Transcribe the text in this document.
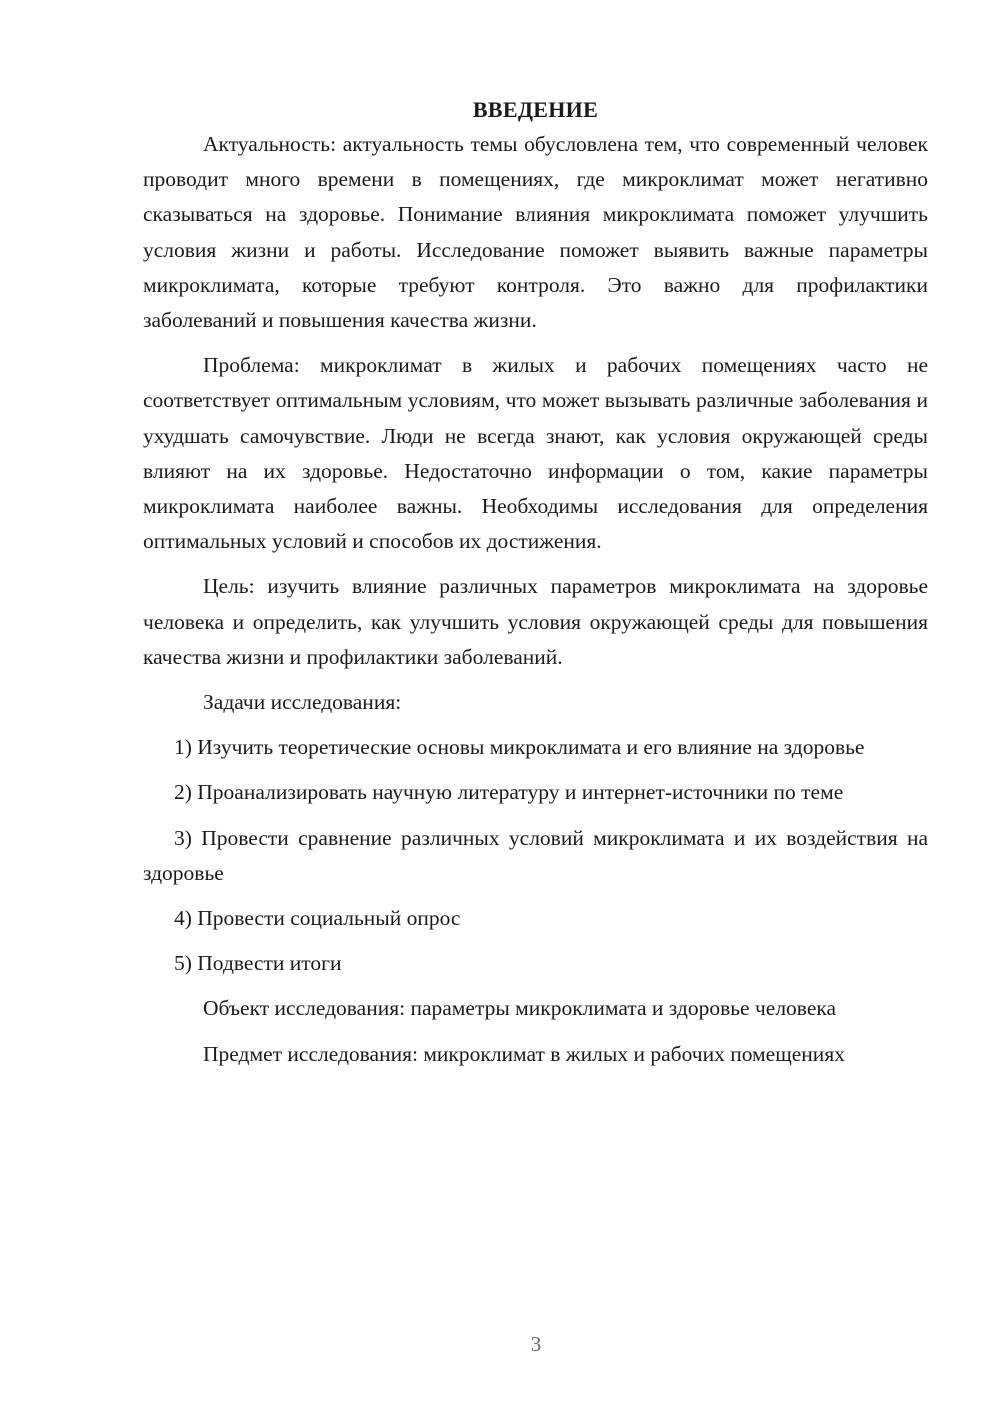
ВВЕДЕНИЕ

Актуальность: актуальность темы обусловлена тем, что современный человек проводит много времени в помещениях, где микроклимат может негативно сказываться на здоровье. Понимание влияния микроклимата поможет улучшить условия жизни и работы. Исследование поможет выявить важные параметры микроклимата, которые требуют контроля. Это важно для профилактики заболеваний и повышения качества жизни.

Проблема: микроклимат в жилых и рабочих помещениях часто не соответствует оптимальным условиям, что может вызывать различные заболевания и ухудшать самочувствие. Люди не всегда знают, как условия окружающей среды влияют на их здоровье. Недостаточно информации о том, какие параметры микроклимата наиболее важны. Необходимы исследования для определения оптимальных условий и способов их достижения.

Цель: изучить влияние различных параметров микроклимата на здоровье человека и определить, как улучшить условия окружающей среды для повышения качества жизни и профилактики заболеваний.

Задачи исследования:

1) Изучить теоретические основы микроклимата и его влияние на здоровье

2) Проанализировать научную литературу и интернет-источники по теме

3) Провести сравнение различных условий микроклимата и их воздействия на здоровье

4) Провести социальный опрос

5) Подвести итоги

Объект исследования: параметры микроклимата и здоровье человека

Предмет исследования: микроклимат в жилых и рабочих помещениях

3
